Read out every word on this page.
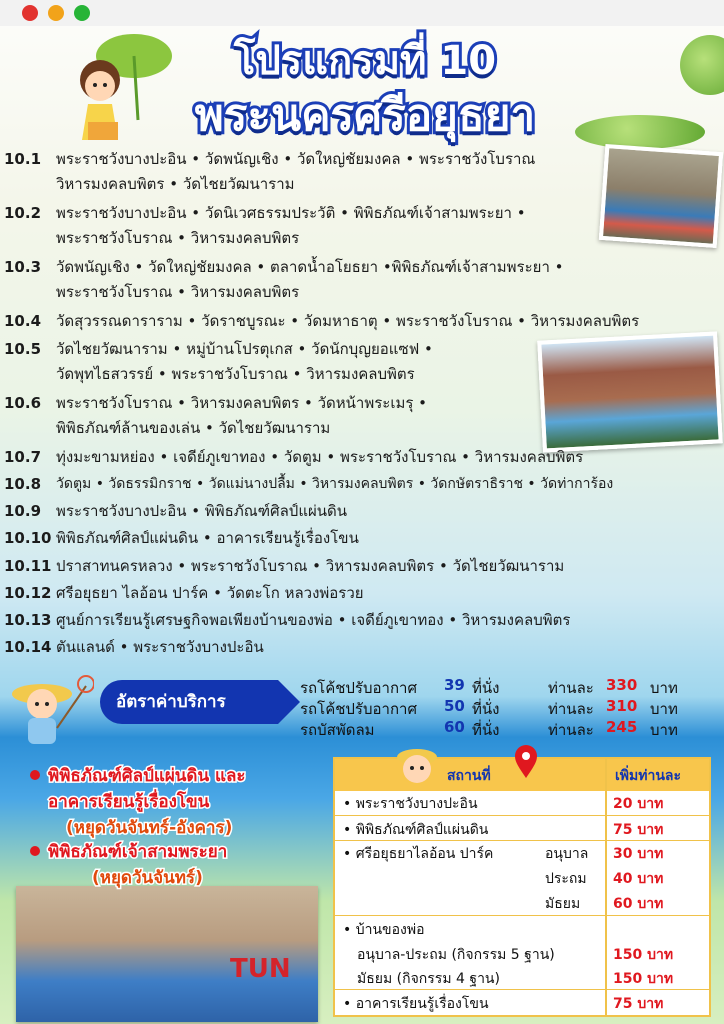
โปรแกรมที่ 10
พระนครศรีอยุธยา
TUN
10.1 พระราชวังบางปะอิน • วัดพนัญเชิง • วัดใหญ่ชัยมงคล • พระราชวังโบราณ
วิหารมงคลบพิตร • วัดไชยวัฒนาราม
10.2 พระราชวังบางปะอิน • วัดนิเวศธรรมประวัติ • พิพิธภัณฑ์เจ้าสามพระยา •
พระราชวังโบราณ • วิหารมงคลบพิตร
10.3 วัดพนัญเชิง • วัดใหญ่ชัยมงคล • ตลาดน้ำอโยธยา •พิพิธภัณฑ์เจ้าสามพระยา •
พระราชวังโบราณ • วิหารมงคลบพิตร
10.4 วัดสุวรรณดาราราม • วัดราชบูรณะ • วัดมหาธาตุ • พระราชวังโบราณ • วิหารมงคลบพิตร
10.5 วัดไชยวัฒนาราม • หมู่บ้านโปรตุเกส • วัดนักบุญยอแซฟ •
วัดพุทไธสวรรย์ • พระราชวังโบราณ • วิหารมงคลบพิตร
10.6 พระราชวังโบราณ • วิหารมงคลบพิตร • วัดหน้าพระเมรุ •
พิพิธภัณฑ์ล้านของเล่น • วัดไชยวัฒนาราม
10.7 ทุ่งมะขามหย่อง • เจดีย์ภูเขาทอง • วัดตูม • พระราชวังโบราณ • วิหารมงคลบพิตร
10.8 วัดตูม • วัดธรรมิกราช • วัดแม่นางปลื้ม • วิหารมงคลบพิตร • วัดกษัตราธิราช • วัดท่าการ้อง
10.9 พระราชวังบางปะอิน • พิพิธภัณฑ์ศิลป์แผ่นดิน
10.10 พิพิธภัณฑ์ศิลป์แผ่นดิน • อาคารเรียนรู้เรื่องโขน
10.11 ปราสาทนครหลวง • พระราชวังโบราณ • วิหารมงคลบพิตร • วัดไชยวัฒนาราม
10.12 ศรีอยุธยา ไลอ้อน ปาร์ค • วัดตะโก หลวงพ่อรวย
10.13 ศูนย์การเรียนรู้เศรษฐกิจพอเพียงบ้านของพ่อ • เจดีย์ภูเขาทอง • วิหารมงคลบพิตร
10.14 ตันแลนด์ • พระราชวังบางปะอิน
อัตราค่าบริการ
รถโค้ชปรับอากาศ 39 ที่นั่ง	ท่านละ 330 บาท
รถโค้ชปรับอากาศ 50 ที่นั่ง	ท่านละ 310 บาท
รถบัสพัดลม	60 ที่นั่ง	ท่านละ 245 บาท
พิพิธภัณฑ์ศิลป์แผ่นดิน และ
อาคารเรียนรู้เรื่องโขน
(หยุดวันจันทร์-อังคาร)
พิพิธภัณฑ์เจ้าสามพระยา
(หยุดวันจันทร์)
สถานที่	เพิ่มท่านละ
• พระราชวังบางปะอิน	20 บาท
• พิพิธภัณฑ์ศิลป์แผ่นดิน	75 บาท
• ศรีอยุธยาไลอ้อน ปาร์ค	อนุบาล 30 บาท
ประถม 40 บาท
มัธยม 60 บาท
• บ้านของพ่อ
อนุบาล-ประถม (กิจกรรม 5 ฐาน)	150 บาท
มัธยม (กิจกรรม 4 ฐาน)	150 บาท
• อาคารเรียนรู้เรื่องโขน	75 บาท
